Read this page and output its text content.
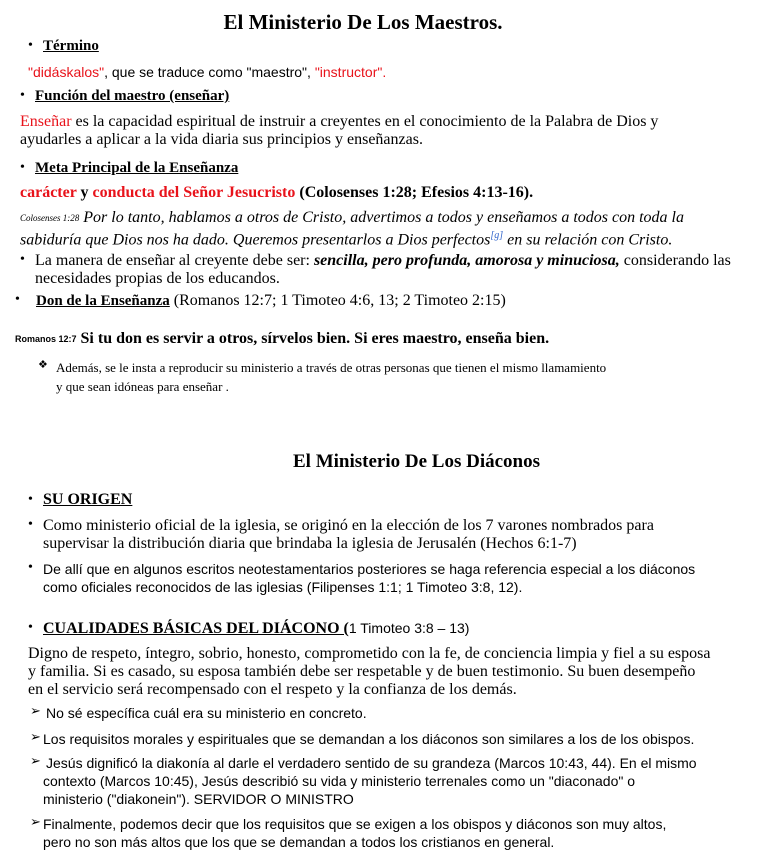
El Ministerio De Los Maestros.
• Término
"didáskalos", que se traduce como "maestro", "instructor".
• Función del maestro (enseñar)
Enseñar es la capacidad espiritual de instruir a creyentes en el conocimiento de la Palabra de Dios y
ayudarles a aplicar a la vida diaria sus principios y enseñanzas.
• Meta Principal de la Enseñanza
carácter y conducta del Señor Jesucristo (Colosenses 1:28; Efesios 4:13-16).
$^{Colosenses 1:28}$ Por lo tanto, hablamos a otros de Cristo, advertimos a todos y enseñamos a todos con toda la
sabiduría que Dios nos ha dado. Queremos presentarlos a Dios perfectos[g] en su relación con Cristo.
• La manera de enseñar al creyente debe ser: sencilla, pero profunda, amorosa y minuciosa, considerando las
necesidades propias de los educandos.
• Don de la Enseñanza (Romanos 12:7; 1 Timoteo 4:6, 13; 2 Timoteo 2:15)
$^{Romanos 12:7}$ Si tu don es servir a otros, sírvelos bien. Si eres maestro, enseña bien.
❖ Además, se le insta a reproducir su ministerio a través de otras personas que tienen el mismo llamamiento
y que sean idóneas para enseñar .
El Ministerio De Los Diáconos
• SU ORIGEN
• Como ministerio oficial de la iglesia, se originó en la elección de los 7 varones nombrados para
supervisar la distribución diaria que brindaba la iglesia de Jerusalén (Hechos 6:1-7)
• De allí que en algunos escritos neotestamentarios posteriores se haga referencia especial a los diáconos
como oficiales reconocidos de las iglesias (Filipenses 1:1; 1 Timoteo 3:8, 12).
• CUALIDADES BÁSICAS DEL DIÁCONO (1 Timoteo 3:8 – 13)
Digno de respeto, íntegro, sobrio, honesto, comprometido con la fe, de conciencia limpia y fiel a su esposa
y familia. Si es casado, su esposa también debe ser respetable y de buen testimonio. Su buen desempeño
en el servicio será recompensado con el respeto y la confianza de los demás.
➢ No sé específica cuál era su ministerio en concreto.
➢ Los requisitos morales y espirituales que se demandan a los diáconos son similares a los de los obispos.
➢ Jesús dignificó la diakonía al darle el verdadero sentido de su grandeza (Marcos 10:43, 44). En el mismo
contexto (Marcos 10:45), Jesús describió su vida y ministerio terrenales como un "diaconado" o
ministerio ("diakonein"). SERVIDOR O MINISTRO
➢ Finalmente, podemos decir que los requisitos que se exigen a los obispos y diáconos son muy altos,
pero no son más altos que los que se demandan a todos los cristianos en general.
